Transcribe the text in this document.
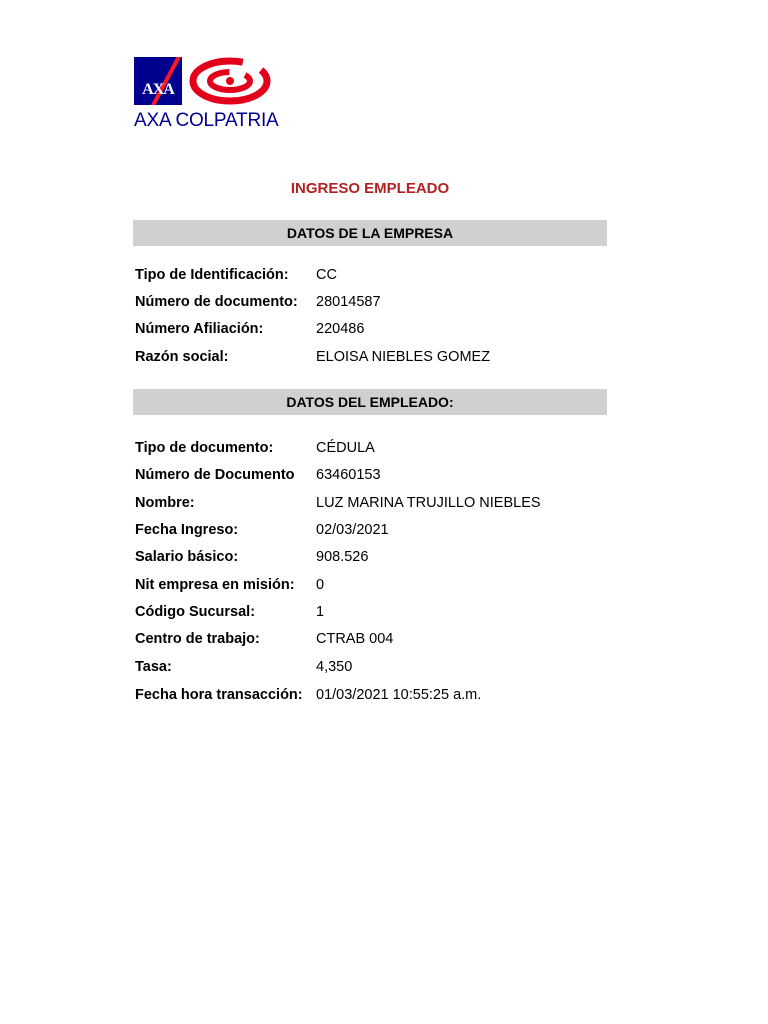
AXA
AXA COLPATRIA
INGRESO EMPLEADO
DATOS DE LA EMPRESA
Tipo de Identificación: CC
Número de documento: 28014587
Número Afiliación:	220486
Razón social:	ELOISA NIEBLES GOMEZ
DATOS DEL EMPLEADO:
Tipo de documento:	CÉDULA
Número de Documento 63460153
Nombre:	LUZ MARINA TRUJILLO NIEBLES
Fecha Ingreso:	02/03/2021
Salario básico:	908.526
Nit empresa en misión: 0
Código Sucursal:	1
Centro de trabajo:	CTRAB 004
Tasa:	4,350
Fecha hora transacción: 01/03/2021 10:55:25 a.m.
